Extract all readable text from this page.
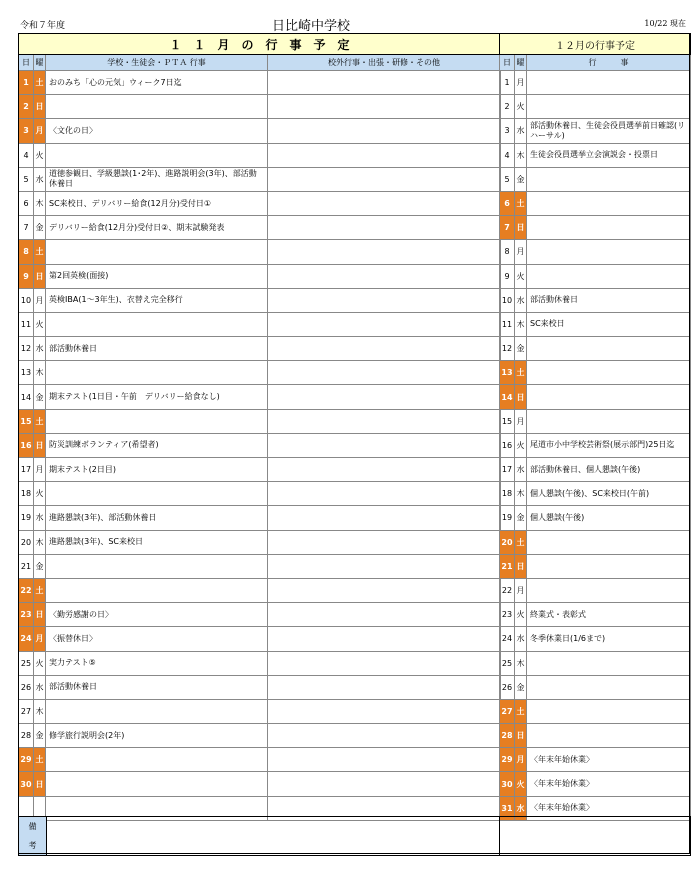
令和７年度	日比崎中学校	10/22 現在
１　１　月　の　行　事　予　定			
日	曜	学校・生徒会・ＰＴＡ 行事	校外行事・出張・研修・その他
1	土	おのみち「心の元気」ウィーク7日迄	
2	日		
3	月	〈文化の日〉	
4	火		
5	水	道徳参観日、学級懇談(1･2年)、進路説明会(3年)、部活動休養日	
6	木	SC来校日、デリバリー給食(12月分)受付日①	
7	金	デリバリー給食(12月分)受付日②、期末試験発表	
8	土		
9	日	第2回英検(面接)	
10	月	英検IBA(1～3年生)、衣替え完全移行	
11	火		
12	水	部活動休養日	
13	木		
14	金	期末テスト(1日目・午前　デリバリー給食なし)	
15	土		
16	日	防災訓練ボランティア(希望者)	
17	月	期末テスト(2日目)	
18	火		
19	水	進路懇談(3年)、部活動休養日	
20	木	進路懇談(3年)、SC来校日	
21	金		
22	土		
23	日	〈勤労感謝の日〉	
24	月	〈振替休日〉	
25	火	実力テスト⑤	
26	水	部活動休養日	
27	木		
28	金	修学旅行説明会(2年)	
29	土		
30	日		

１２月の行事予定		
日	曜	行　　　事
1	月	
2	火	
3	水	部活動休養日、生徒会役員選挙前日確認(リハーサル)
4	木	生徒会役員選挙立会演説会・投票日
5	金	
6	土	
7	日	
8	月	
9	火	
10	水	部活動休養日
11	木	SC来校日
12	金	
13	土	
14	日	
15	月	
16	火	尾道市小中学校芸術祭(展示部門)25日迄
17	水	部活動休養日、個人懇談(午後)
18	木	個人懇談(午後)、SC来校日(午前)
19	金	個人懇談(午後)
20	土	
21	日	
22	月	
23	火	終業式・表彰式
24	水	冬季休業日(1/6まで)
25	木	
26	金	
27	土	
28	日	
29	月	〈年末年始休業〉
30	火	〈年末年始休業〉
31	水	〈年末年始休業〉
備
考
